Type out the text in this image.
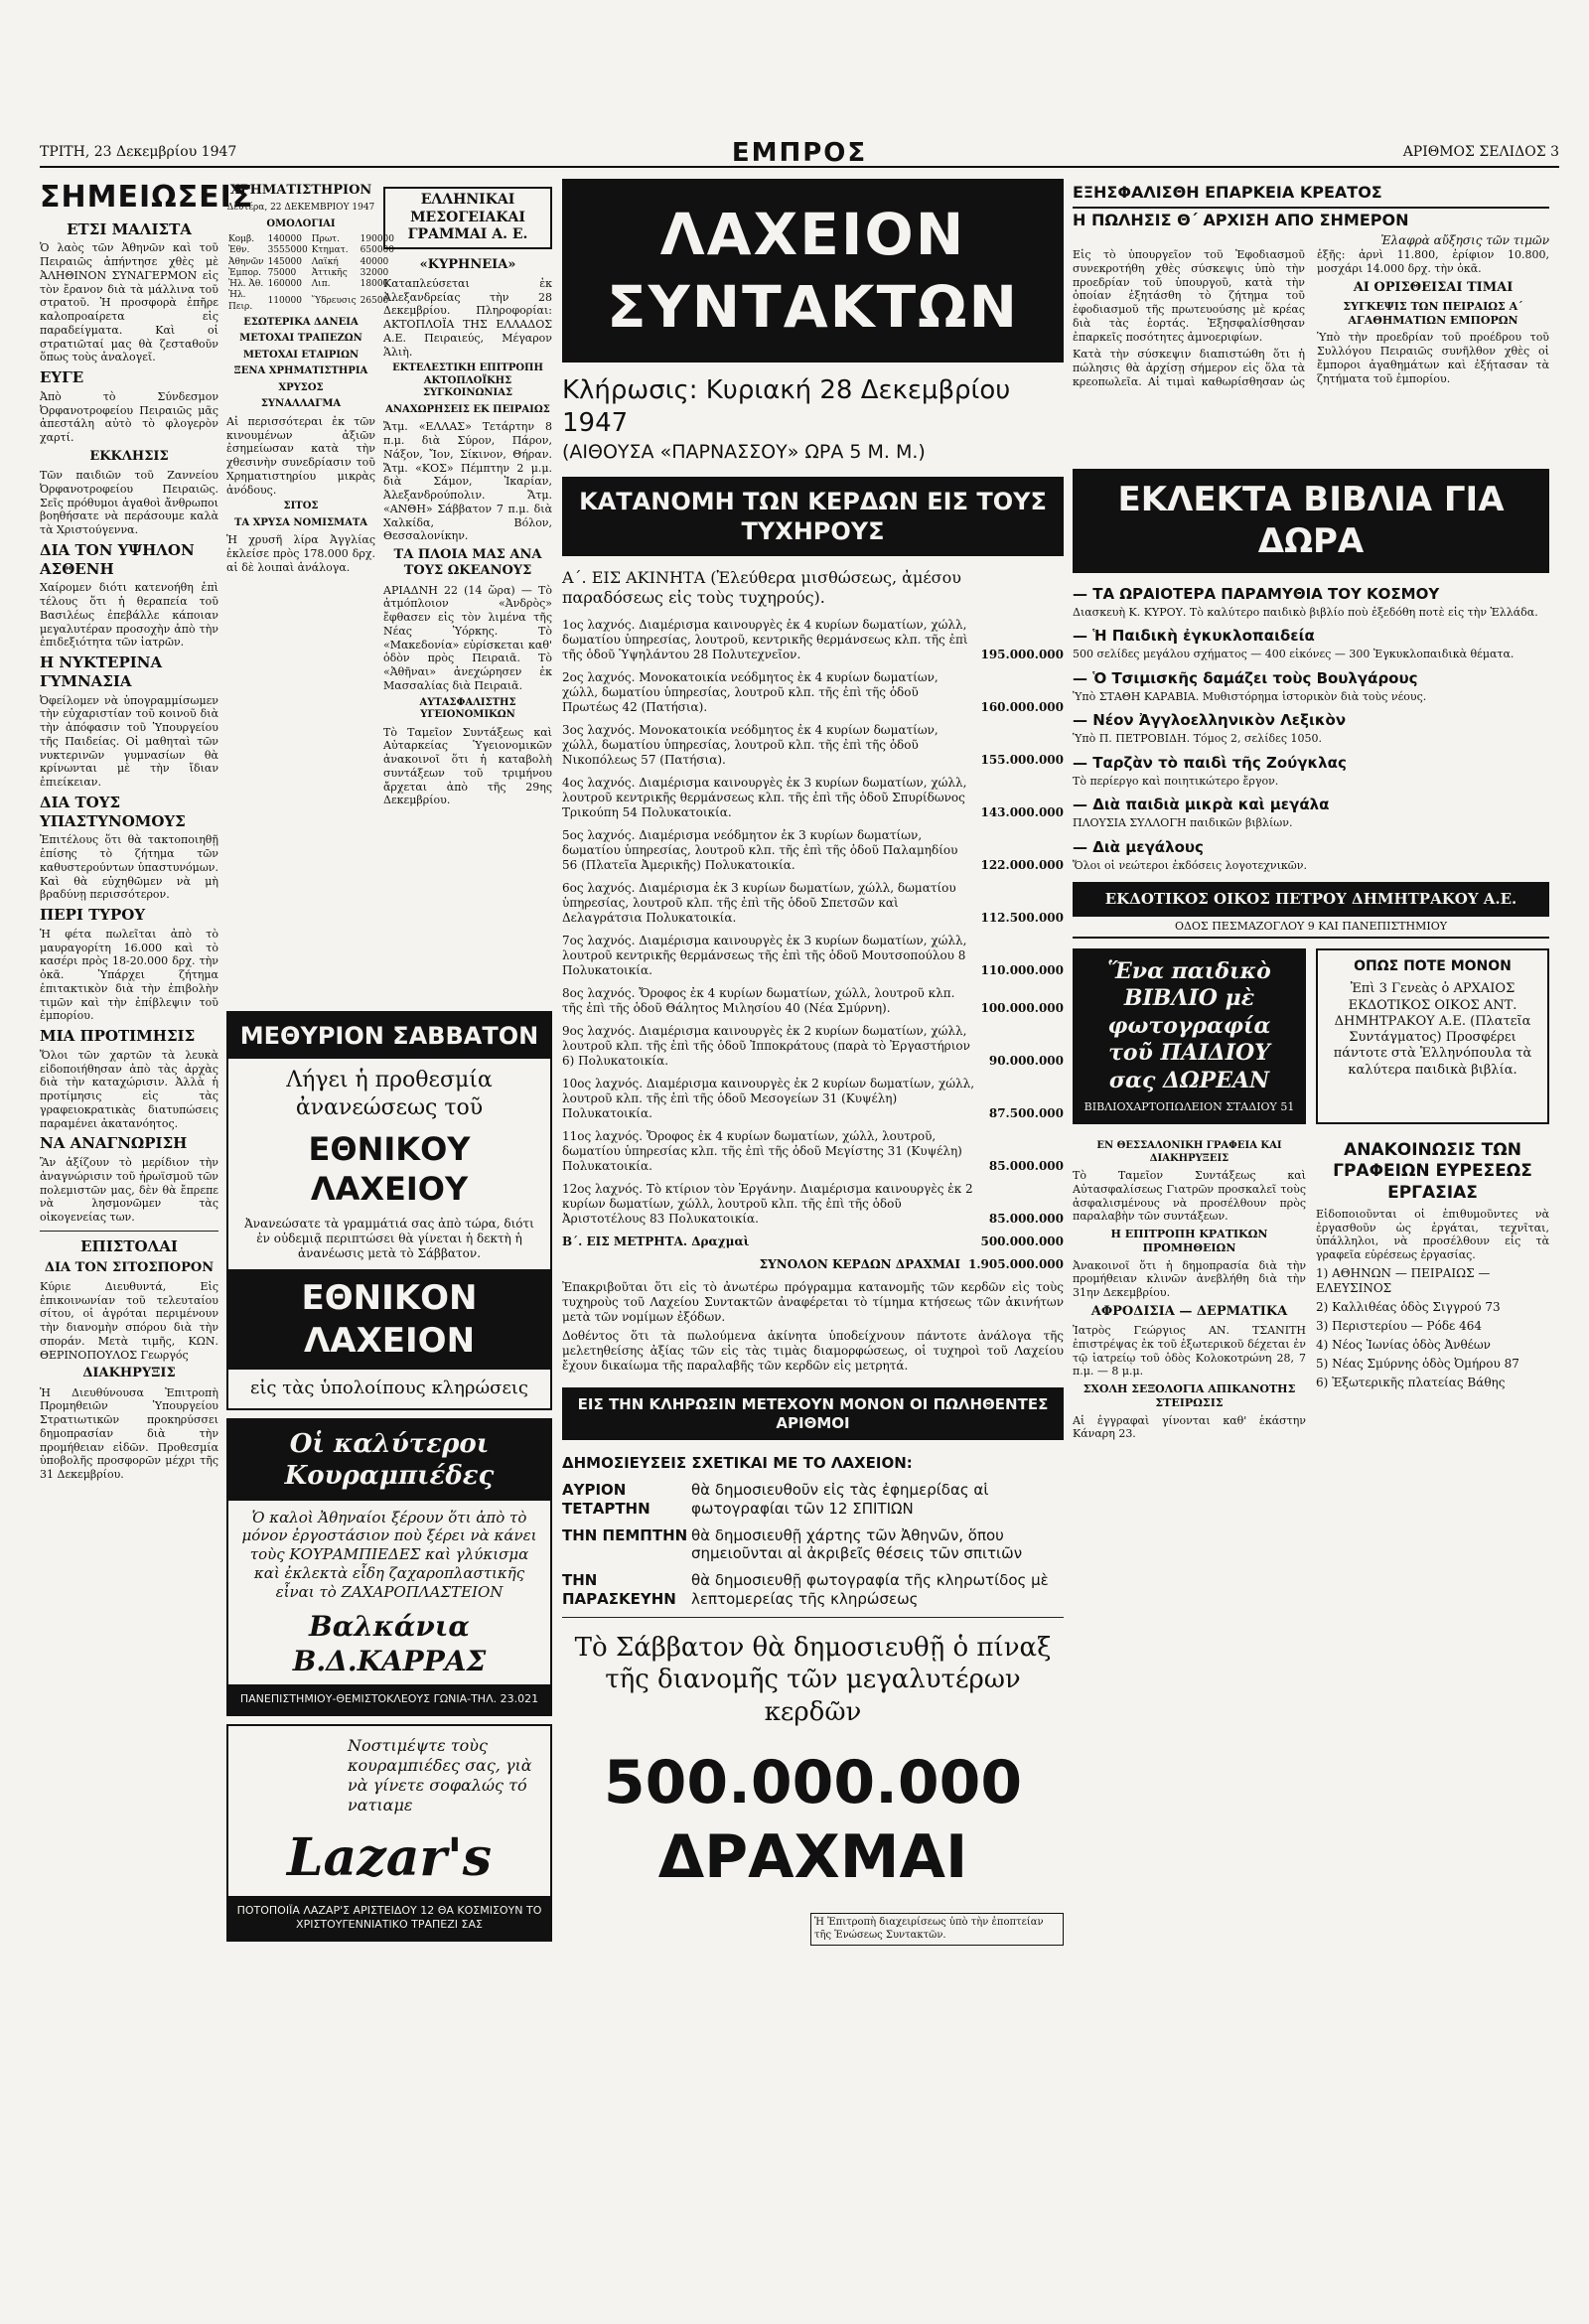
ΤΡΙΤΗ, 23 Δεκεμβρίου 1947	ΕΜΠΡΟΣ	ΑΡΙΘΜΟΣ ΣΕΛΙΔΟΣ 3
ΣΗΜΕΙΩΣΕΙΣ
ΕΤΣΙ ΜΑΛΙΣΤΑ

Ὁ λαὸς τῶν Ἀθηνῶν καὶ τοῦ Πειραιῶς ἀπήντησε χθὲς μὲ ἈΛΗΘΙΝΟΝ ΣΥΝΑΓΕΡΜΟΝ εἰς τὸν ἔρανον διὰ τὰ μάλλινα τοῦ στρατοῦ. Ἡ προσφορὰ ἐπῆρε καλοπροαίρετα εἰς παραδείγματα. Καὶ οἱ στρατιῶταί μας θὰ ζεσταθοῦν ὅπως τοὺς ἀναλογεῖ.

ΕΥΓΕ

Ἀπὸ τὸ Σύνδεσμον Ὀρφανοτροφείου Πειραιῶς μᾶς ἀπεστάλη αὐτὸ τὸ φλογερὸν χαρτί.

ΕΚΚΛΗΣΙΣ

Τῶν παιδιῶν τοῦ Ζαννείου Ὀρφανοτροφείου Πειραιῶς. Σεῖς πρόθυμοι ἀγαθοὶ ἄνθρωποι βοηθήσατε νὰ περάσουμε καλὰ τὰ Χριστούγεννα.

ΔΙΑ ΤΟΝ ΥΨΗΛΟΝ ΑΣΘΕΝΗ

Χαίρομεν διότι κατενοήθη ἐπὶ τέλους ὅτι ἡ θεραπεία τοῦ Βασιλέως ἐπεβάλλε κάποιαν μεγαλυτέραν προσοχὴν ἀπὸ τὴν ἐπιδεξιότητα τῶν ἰατρῶν.

Η ΝΥΚΤΕΡΙΝΑ ΓΥΜΝΑΣΙΑ

Ὀφείλομεν νὰ ὑπογραμμίσωμεν τὴν εὐχαριστίαν τοῦ κοινοῦ διὰ τὴν ἀπόφασιν τοῦ Ὑπουργείου τῆς Παιδείας. Οἱ μαθηταὶ τῶν νυκτερινῶν γυμνασίων θὰ κρίνωνται μὲ τὴν ἴδιαν ἐπιείκειαν.

ΔΙΑ ΤΟΥΣ ΥΠΑΣΤΥΝΟΜΟΥΣ

Ἐπιτέλους ὅτι θὰ τακτοποιηθῇ ἐπίσης τὸ ζήτημα τῶν καθυστερούντων ὑπαστυνόμων. Καὶ θὰ εὐχηθῶμεν νὰ μὴ βραδύνῃ περισσότερον.

ΠΕΡΙ ΤΥΡΟΥ

Ἡ φέτα πωλεῖται ἀπὸ τὸ μαυραγορίτη 16.000 καὶ τὸ κασέρι πρὸς 18-20.000 δρχ. τὴν ὀκᾶ. Ὑπάρχει ζήτημα ἐπιτακτικὸν διὰ τὴν ἐπιβολὴν τιμῶν καὶ τὴν ἐπίβλεψιν τοῦ ἐμπορίου.

ΜΙΑ ΠΡΟΤΙΜΗΣΙΣ

Ὅλοι τῶν χαρτῶν τὰ λευκὰ εἰδοποιήθησαν ἀπὸ τὰς ἀρχὰς διὰ τὴν καταχώρισιν. Ἀλλὰ ἡ προτίμησις εἰς τὰς γραφειοκρατικὰς διατυπώσεις παραμένει ἀκατανόητος.

ΝΑ ΑΝΑΓΝΩΡΙΣΗ

Ἂν ἀξίζουν τὸ μερίδιον τὴν ἀναγνώρισιν τοῦ ἡρωϊσμοῦ τῶν πολεμιστῶν μας, δὲν θὰ ἔπρεπε νὰ λησμονῶμεν τὰς οἰκογενείας των.

ΕΠΙΣΤΟΛΑΙ
ΔΙΑ ΤΟΝ ΣΙΤΟΣΠΟΡΟΝ

Κύριε Διευθυντά, Εἰς ἐπικοινωνίαν τοῦ τελευταίου σίτου, οἱ ἀγρόται περιμένουν τὴν διανομὴν σπόρου διὰ τὴν σποράν. Μετὰ τιμῆς, ΚΩΝ. ΘΕΡΙΝΟΠΟΥΛΟΣ Γεωργός

ΔΙΑΚΗΡΥΞΙΣ

Ἡ Διευθύνουσα Ἐπιτροπὴ Προμηθειῶν Ὑπουργείου Στρατιωτικῶν προκηρύσσει δημοπρασίαν διὰ τὴν προμήθειαν εἰδῶν. Προθεσμία ὑποβολῆς προσφορῶν μέχρι τῆς 31 Δεκεμβρίου.

ΧΡΗΜΑΤΙΣΤΗΡΙΟΝ
Δευτέρα, 22 ΔΕΚΕΜΒΡΙΟΥ 1947
ΟΜΟΛΟΓΙΑΙ
Κομβ.	140000	Πρωτ.	190000
Ἑθν.	3555000	Κτηματ.	650000
Ἀθηνῶν	145000	Λαϊκή	40000
Ἐμπορ.	75000	Ἀττικῆς	32000
Ἠλ. Ἀθ.	160000	Λιπ.	18000
Ἠλ. Πειρ.	110000	Ὕδρευσις	26500
ΕΣΩΤΕΡΙΚΑ ΔΑΝΕΙΑ
ΜΕΤΟΧΑΙ ΤΡΑΠΕΖΩΝ
ΜΕΤΟΧΑΙ ΕΤΑΙΡΙΩΝ
ΞΕΝΑ ΧΡΗΜΑΤΙΣΤΗΡΙΑ
ΧΡΥΣΟΣ
ΣΥΝΑΛΛΑΓΜΑ

Αἱ περισσότεραι ἐκ τῶν κινουμένων ἀξιῶν ἐσημείωσαν κατὰ τὴν χθεσινὴν συνεδρίασιν τοῦ Χρηματιστηρίου μικρὰς ἀνόδους.

ΣΙΤΟΣ
ΤΑ ΧΡΥΣΑ ΝΟΜΙΣΜΑΤΑ

Ἡ χρυσῆ λίρα Ἀγγλίας ἐκλείσε πρὸς 178.000 δρχ. αἱ δὲ λοιπαὶ ἀνάλογα.

ΕΛΛΗΝΙΚΑΙ ΜΕΣΟΓΕΙΑΚΑΙ ΓΡΑΜΜΑΙ Α. Ε.
«ΚΥΡΗΝΕΙΑ»

Καταπλεύσεται ἐκ Ἀλεξανδρείας τὴν 28 Δεκεμβρίου. Πληροφορίαι: ΑΚΤΟΠΛΟΪΑ ΤΗΣ ΕΛΛΑΔΟΣ Α.Ε. Πειραιεύς, Μέγαρον Ἁλιὴ.

ΕΚΤΕΛΕΣΤΙΚΗ ΕΠΙΤΡΟΠΗ ΑΚΤΟΠΛΟΪΚΗΣ ΣΥΓΚΟΙΝΩΝΙΑΣ
ΑΝΑΧΩΡΗΣΕΙΣ ΕΚ ΠΕΙΡΑΙΩΣ

Ἄτμ. «ΕΛΛΑΣ» Τετάρτην 8 π.μ. διὰ Σύρον, Πάρον, Νάξον, Ἴον, Σίκινον, Θήραν. Ἄτμ. «ΚΟΣ» Πέμπτην 2 μ.μ. διὰ Σάμον, Ἰκαρίαν, Ἀλεξανδρούπολιν. Ἄτμ. «ΑΝΘΗ» Σάββατον 7 π.μ. διὰ Χαλκίδα, Βόλον, Θεσσαλονίκην.

ΤΑ ΠΛΟΙΑ ΜΑΣ ΑΝΑ ΤΟΥΣ ΩΚΕΑΝΟΥΣ

ΑΡΙΑΔΝΗ 22 (14 ὥρα) — Τὸ ἀτμόπλοιον «Ἀνδρὸς» ἔφθασεν εἰς τὸν λιμένα τῆς Νέας Ὑόρκης. Τὸ «Μακεδονία» εὑρίσκεται καθ' ὁδὸν πρὸς Πειραιᾶ. Τὸ «Ἀθῆναι» ἀνεχώρησεν ἐκ Μασσαλίας διὰ Πειραιᾶ.

ΑΥΤΑΣΦΑΛΙΣΤΗΣ ΥΓΕΙΟΝΟΜΙΚΩΝ

Τὸ Ταμεῖον Συντάξεως καὶ Αὐταρκείας Ὑγειονομικῶν ἀνακοινοῖ ὅτι ἡ καταβολὴ συντάξεων τοῦ τριμήνου ἄρχεται ἀπὸ τῆς 29ης Δεκεμβρίου.

ΜΕΘΥΡΙΟΝ ΣΑΒΒΑΤΟΝ
Λήγει ἡ προθεσμία ἀνανεώσεως τοῦ
ΕΘΝΙΚΟΥ ΛΑΧΕΙΟΥ
Ἀνανεώσατε τὰ γραμμάτιά σας ἀπὸ τώρα, διότι ἐν οὐδεμιᾷ περιπτώσει θὰ γίνεται ἡ δεκτὴ ἡ ἀνανέωσις μετὰ τὸ Σάββατον.
ΕΘΝΙΚΟΝ ΛΑΧΕΙΟΝ
εἰς τὰς ὑπολοίπους κληρώσεις
Οἱ καλύτεροι Κουραμπιέδες
Ὁ καλοὶ Ἀθηναίοι ξέρουν ὅτι ἀπὸ τὸ μόνον ἐργοστάσιον ποὺ ξέρει νὰ κάνει τοὺς ΚΟΥΡΑΜΠΙΕΔΕΣ καὶ γλύκισμα καὶ ἐκλεκτὰ εἶδη ζαχαροπλαστικῆς εἶναι τὸ ΖΑΧΑΡΟΠΛΑΣΤΕΙΟΝ
Βαλκάνια Β.Δ.ΚΑΡΡΑΣ
ΠΑΝΕΠΙΣΤΗΜΙΟΥ-ΘΕΜΙΣΤΟΚΛΕΟΥΣ ΓΩΝΙΑ-ΤΗΛ. 23.021
Νοστιμέψτε τοὺς κουραμπιέδες σας, γιὰ νὰ γίνετε σοφαλώς τό νατιαμε
Lazar's
ΠΟΤΟΠΟΙΪΑ ΛΑΖΑΡ'Σ ΑΡΙΣΤΕΙΔΟΥ 12 ΘΑ ΚΟΣΜΙΣΟΥΝ ΤΟ ΧΡΙΣΤΟΥΓΕΝΝΙΑΤΙΚΟ ΤΡΑΠΕΖΙ ΣΑΣ
ΛΑΧΕΙΟΝ ΣΥΝΤΑΚΤΩΝ
Κλήρωσις: Κυριακή 28 Δεκεμβρίου 1947
(ΑΙΘΟΥΣΑ «ΠΑΡΝΑΣΣΟΥ» ΩΡΑ 5 Μ. Μ.)
ΚΑΤΑΝΟΜΗ ΤΩΝ ΚΕΡΔΩΝ ΕΙΣ ΤΟΥΣ ΤΥΧΗΡΟΥΣ
Α΄. ΕΙΣ ΑΚΙΝΗΤΑ (Ἐλεύθερα μισθώσεως, ἀμέσου παραδόσεως εἰς τοὺς τυχηρούς).
1ος λαχνός. Διαμέρισμα καινουργὲς ἐκ 4 κυρίων δωματίων, χώλλ, δωματίου ὑπηρεσίας, λουτροῦ, κεντρικῆς θερμάνσεως κλπ. τῆς ἐπὶ τῆς ὁδοῦ Ὑψηλάντου 28 Πολυτεχνεῖον.	195.000.000
2ος λαχνός. Μονοκατοικία νεόδμητος ἐκ 4 κυρίων δωματίων, χώλλ, δωματίου ὑπηρεσίας, λουτροῦ κλπ. τῆς ἐπὶ τῆς ὁδοῦ Πρωτέως 42 (Πατήσια).	160.000.000
3ος λαχνός. Μονοκατοικία νεόδμητος ἐκ 4 κυρίων δωματίων, χώλλ, δωματίου ὑπηρεσίας, λουτροῦ κλπ. τῆς ἐπὶ τῆς ὁδοῦ Νικοπόλεως 57 (Πατήσια).	155.000.000
4ος λαχνός. Διαμέρισμα καινουργὲς ἐκ 3 κυρίων δωματίων, χώλλ, λουτροῦ κεντρικῆς θερμάνσεως κλπ. τῆς ἐπὶ τῆς ὁδοῦ Σπυρίδωνος Τρικούπη 54 Πολυκατοικία.	143.000.000
5ος λαχνός. Διαμέρισμα νεόδμητον ἐκ 3 κυρίων δωματίων, δωματίου ὑπηρεσίας, λουτροῦ κλπ. τῆς ἐπὶ τῆς ὁδοῦ Παλαμηδίου 56 (Πλατεῖα Ἀμερικῆς) Πολυκατοικία.	122.000.000
6ος λαχνός. Διαμέρισμα ἐκ 3 κυρίων δωματίων, χώλλ, δωματίου ὑπηρεσίας, λουτροῦ κλπ. τῆς ἐπὶ τῆς ὁδοῦ Σπετσῶν καὶ Δελαγράτσια Πολυκατοικία.	112.500.000
7ος λαχνός. Διαμέρισμα καινουργὲς ἐκ 3 κυρίων δωματίων, χώλλ, λουτροῦ κεντρικῆς θερμάνσεως τῆς ἐπὶ τῆς ὁδοῦ Μουτσοπούλου 8 Πολυκατοικία.	110.000.000
8ος λαχνός. Ὄροφος ἐκ 4 κυρίων δωματίων, χώλλ, λουτροῦ κλπ. τῆς ἐπὶ τῆς ὁδοῦ Θάλητος Μιλησίου 40 (Νέα Σμύρνη).	100.000.000
9ος λαχνός. Διαμέρισμα καινουργὲς ἐκ 2 κυρίων δωματίων, χώλλ, λουτροῦ κλπ. τῆς ἐπὶ τῆς ὁδοῦ Ἰπποκράτους (παρὰ τὸ Ἐργαστήριον 6) Πολυκατοικία.	90.000.000
10ος λαχνός. Διαμέρισμα καινουργὲς ἐκ 2 κυρίων δωματίων, χώλλ, λουτροῦ κλπ. τῆς ἐπὶ τῆς ὁδοῦ Μεσογείων 31 (Κυψέλη) Πολυκατοικία.	87.500.000
11ος λαχνός. Ὄροφος ἐκ 4 κυρίων δωματίων, χώλλ, λουτροῦ, δωματίου ὑπηρεσίας κλπ. τῆς ἐπὶ τῆς ὁδοῦ Μεγίστης 31 (Κυψέλη) Πολυκατοικία.	85.000.000
12ος λαχνός. Τὸ κτίριον τὸν Ἐργάνην. Διαμέρισμα καινουργὲς ἐκ 2 κυρίων δωματίων, χώλλ, λουτροῦ κλπ. τῆς ἐπὶ τῆς ὁδοῦ Ἀριστοτέλους 83 Πολυκατοικία.	85.000.000
Β΄. ΕΙΣ ΜΕΤΡΗΤΑ. Δραχμαὶ	500.000.000
ΣΥΝΟΛΟΝ ΚΕΡΔΩΝ ΔΡΑΧΜΑΙ 1.905.000.000

Ἐπακριβοῦται ὅτι εἰς τὸ ἀνωτέρω πρόγραμμα κατανομῆς τῶν κερδῶν εἰς τοὺς τυχηροὺς τοῦ Λαχείου Συντακτῶν ἀναφέρεται τὸ τίμημα κτήσεως τῶν ἀκινήτων μετὰ τῶν νομίμων ἐξόδων.

Δοθέντος ὅτι τὰ πωλούμενα ἀκίνητα ὑποδείχνουν πάντοτε ἀνάλογα τῆς μελετηθείσης ἀξίας τῶν εἰς τὰς τιμὰς διαμορφώσεως, οἱ τυχηροὶ τοῦ Λαχείου ἔχουν δικαίωμα τῆς παραλαβῆς τῶν κερδῶν εἰς μετρητά.

ΕΙΣ ΤΗΝ ΚΛΗΡΩΣΙΝ ΜΕΤΕΧΟΥΝ ΜΟΝΟΝ ΟΙ ΠΩΛΗΘΕΝΤΕΣ ΑΡΙΘΜΟΙ
ΔΗΜΟΣΙΕΥΣΕΙΣ ΣΧΕΤΙΚΑΙ ΜΕ ΤΟ ΛΑΧΕΙΟΝ:
ΑΥΡΙΟΝ ΤΕΤΑΡΤΗΝ
θὰ δημοσιευθοῦν εἰς τὰς ἐφημερίδας αἱ φωτογραφίαι τῶν 12 ΣΠΙΤΙΩΝ
ΤΗΝ ΠΕΜΠΤΗΝ θὰ δημοσιευθῇ χάρτης τῶν Ἀθηνῶν, ὅπου σημειοῦνται αἱ ἀκριβεῖς θέσεις τῶν σπιτιῶν
ΤΗΝ ΠΑΡΑΣΚΕΥΗΝ
θὰ δημοσιευθῇ φωτογραφία τῆς κληρωτίδος μὲ λεπτομερείας τῆς κληρώσεως
Τὸ Σάββατον θὰ δημοσιευθῇ ὁ πίναξ τῆς διανομῆς τῶν μεγαλυτέρων κερδῶν
500.000.000 ΔΡΑΧΜΑΙ
Ἡ Ἐπιτροπὴ διαχειρίσεως ὑπὸ τὴν ἐποπτείαν τῆς Ἑνώσεως Συντακτῶν.
ΕΞΗΣΦΑΛΙΣΘΗ ΕΠΑΡΚΕΙΑ ΚΡΕΑΤΟΣ
Η ΠΩΛΗΣΙΣ Θ΄ ΑΡΧΙΣΗ ΑΠΟ ΣΗΜΕΡΟΝ
Ἐλαφρὰ αὔξησις τῶν τιμῶν

Εἰς τὸ ὑπουργεῖον τοῦ Ἐφοδιασμοῦ συνεκροτήθη χθὲς σύσκεψις ὑπὸ τὴν προεδρίαν τοῦ ὑπουργοῦ, κατὰ τὴν ὁποίαν ἐξητάσθη τὸ ζήτημα τοῦ ἐφοδιασμοῦ τῆς πρωτευούσης μὲ κρέας διὰ τὰς ἑορτάς. Ἐξησφαλίσθησαν ἐπαρκεῖς ποσότητες ἀμνοεριφίων.

Κατὰ τὴν σύσκεψιν διαπιστώθη ὅτι ἡ πώλησις θὰ ἀρχίσῃ σήμερον εἰς ὅλα τὰ κρεοπωλεῖα. Αἱ τιμαὶ καθωρίσθησαν ὡς ἑξῆς: ἀρνὶ 11.800, ἐρίφιον 10.800, μοσχάρι 14.000 δρχ. τὴν ὀκᾶ.

ΑΙ ΟΡΙΣΘΕΙΣΑΙ ΤΙΜΑΙ
ΣΥΓΚΕΨΙΣ ΤΩΝ ΠΕΙΡΑΙΩΣ Α΄ ΑΓΑΘΗΜΑΤΙΩΝ ΕΜΠΟΡΩΝ

Ὑπὸ τὴν προεδρίαν τοῦ προέδρου τοῦ Συλλόγου Πειραιῶς συνῆλθον χθὲς οἱ ἔμποροι ἀγαθημάτων καὶ ἐξήτασαν τὰ ζητήματα τοῦ ἐμπορίου.

ΕΚΛΕΚΤΑ ΒΙΒΛΙΑ ΓΙΑ ΔΩΡΑ
— ΤΑ ΩΡΑΙΟΤΕΡΑ ΠΑΡΑΜΥΘΙΑ ΤΟΥ ΚΟΣΜΟΥ
Διασκευὴ Κ. ΚΥΡΟΥ. Τὸ καλύτερο παιδικὸ βιβλίο ποὺ ἐξεδόθη ποτὲ εἰς τὴν Ἑλλάδα.
— Ἡ Παιδικὴ ἐγκυκλοπαιδεία
500 σελίδες μεγάλου σχήματος — 400 εἰκόνες — 300 Ἐγκυκλοπαιδικὰ θέματα.
— Ὁ Τσιμισκῆς δαμάζει τοὺς Βουλγάρους
Ὑπὸ ΣΤΑΘΗ ΚΑΡΑΒΙΑ. Μυθιστόρημα ἱστορικὸν διὰ τοὺς νέους.
— Νέον Ἀγγλοελληνικὸν Λεξικὸν
Ὑπὸ Π. ΠΕΤΡΟΒΙΔΗ. Τόμος 2, σελίδες 1050.
— Ταρζὰν τὸ παιδὶ τῆς Ζούγκλας
Τὸ περίεργο καὶ ποιητικώτερο ἔργον.
— Διὰ παιδιὰ μικρὰ καὶ μεγάλα
ΠΛΟΥΣΙΑ ΣΥΛΛΟΓΗ παιδικῶν βιβλίων.
— Διὰ μεγάλους
Ὅλοι οἱ νεώτεροι ἐκδόσεις λογοτεχνικῶν.
ΕΚΔΟΤΙΚΟΣ ΟΙΚΟΣ ΠΕΤΡΟΥ ΔΗΜΗΤΡΑΚΟΥ Α.Ε.
ΟΔΟΣ ΠΕΣΜΑΖΟΓΛΟΥ 9 ΚΑΙ ΠΑΝΕΠΙΣΤΗΜΙΟΥ
Ἕνα παιδικὸ ΒΙΒΛΙΟ μὲ φωτογραφία τοῦ ΠΑΙΔΙΟΥ σας ΔΩΡΕΑΝ
ΒΙΒΛΙΟΧΑΡΤΟΠΩΛΕΙΟΝ ΣΤΑΔΙΟΥ 51
ΟΠΩΣ ΠΟΤΕ ΜΟΝΟΝ
Ἐπὶ 3 Γενεὰς ὁ ΑΡΧΑΙΟΣ ΕΚΔΟΤΙΚΟΣ ΟΙΚΟΣ ΑΝΤ. ΔΗΜΗΤΡΑΚΟΥ Α.Ε. (Πλατεῖα Συντάγματος) Προσφέρει πάντοτε στὰ Ἑλληνόπουλα τὰ καλύτερα παιδικὰ βιβλία.
ΕΝ ΘΕΣΣΑΛΟΝΙΚΗ ΓΡΑΦΕΙΑ ΚΑΙ ΔΙΑΚΗΡΥΞΕΙΣ

Τὸ Ταμεῖον Συντάξεως καὶ Αὐτασφαλίσεως Γιατρῶν προσκαλεῖ τοὺς ἀσφαλισμένους νὰ προσέλθουν πρὸς παραλαβὴν τῶν συντάξεων.

Η ΕΠΙΤΡΟΠΗ ΚΡΑΤΙΚΩΝ ΠΡΟΜΗΘΕΙΩΝ

Ἀνακοινοῖ ὅτι ἡ δημοπρασία διὰ τὴν προμήθειαν κλινῶν ἀνεβλήθη διὰ τὴν 31ην Δεκεμβρίου.

ΑΦΡΟΔΙΣΙΑ — ΔΕΡΜΑΤΙΚΑ

Ἰατρὸς Γεώργιος ΑΝ. ΤΣΑΝΙΤΗ ἐπιστρέψας ἐκ τοῦ ἐξωτερικοῦ δέχεται ἐν τῷ ἰατρείῳ τοῦ ὁδὸς Κολοκοτρώνη 28, 7 π.μ. — 8 μ.μ.

ΣΧΟΛΗ ΣΕΞΟΛΟΓΙΑ ΑΠΙΚΑΝΟΤΗΣ ΣΤΕΙΡΩΣΙΣ

Αἱ ἐγγραφαὶ γίνονται καθ' ἑκάστην Κάναρη 23.

ΑΝΑΚΟΙΝΩΣΙΣ ΤΩΝ ΓΡΑΦΕΙΩΝ ΕΥΡΕΣΕΩΣ ΕΡΓΑΣΙΑΣ

Εἰδοποιοῦνται οἱ ἐπιθυμοῦντες νὰ ἐργασθοῦν ὡς ἐργάται, τεχνῖται, ὑπάλληλοι, νὰ προσέλθουν εἰς τὰ γραφεῖα εὑρέσεως ἐργασίας.

1) ΑΘΗΝΩΝ — ΠΕΙΡΑΙΩΣ — ΕΛΕΥΣΙΝΟΣ
2) Καλλιθέας ὁδὸς Σιγγρού 73
3) Περιστερίου — Ρόδε 464
4) Νέος Ἰωνίας ὁδὸς Ἀνθέων
5) Νέας Σμύρνης ὁδὸς Ὀμήρου 87
6) Ἐξωτερικῆς πλατείας Βάθης
